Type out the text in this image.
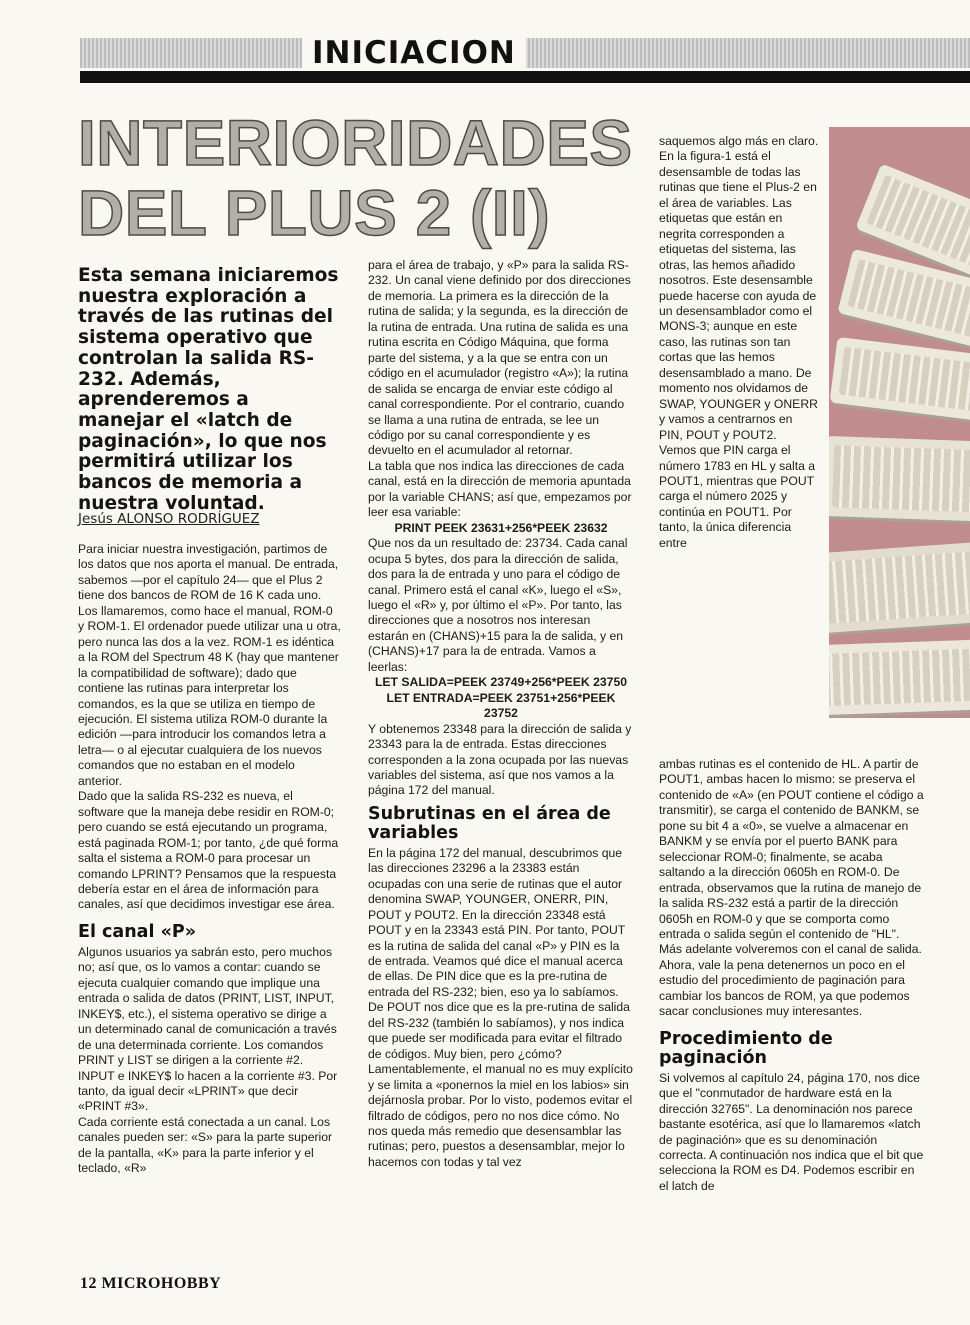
INICIACION
INTERIORIDADES
DEL PLUS 2 (II)

Esta semana iniciaremos nuestra exploración a través de las rutinas del sistema operativo que controlan la salida RS-232. Además, aprenderemos a manejar el «latch de paginación», lo que nos permitirá utilizar los bancos de memoria a nuestra voluntad.

Jesús ALONSO RODRÍGUEZ

Para iniciar nuestra investigación, partimos de los datos que nos aporta el manual. De entrada, sabemos —por el capítulo 24— que el Plus 2 tiene dos bancos de ROM de 16 K cada uno. Los llamaremos, como hace el manual, ROM-0 y ROM-1. El ordenador puede utilizar una u otra, pero nunca las dos a la vez. ROM-1 es idéntica a la ROM del Spectrum 48 K (hay que mantener la compatibilidad de software); dado que contiene las rutinas para interpretar los comandos, es la que se utiliza en tiempo de ejecución. El sistema utiliza ROM-0 durante la edición —para introducir los comandos letra a letra— o al ejecutar cualquiera de los nuevos comandos que no estaban en el modelo anterior.

Dado que la salida RS-232 es nueva, el software que la maneja debe residir en ROM-0; pero cuando se está ejecutando un programa, está paginada ROM-1; por tanto, ¿de qué forma salta el sistema a ROM-0 para procesar un comando LPRINT? Pensamos que la respuesta debería estar en el área de información para canales, así que decidimos investigar ese área.

El canal «P»

Algunos usuarios ya sabrán esto, pero muchos no; así que, os lo vamos a contar: cuando se ejecuta cualquier comando que implique una entrada o salida de datos (PRINT, LIST, INPUT, INKEY$, etc.), el sistema operativo se dirige a un determinado canal de comunicación a través de una determinada corriente. Los comandos PRINT y LIST se dirigen a la corriente #2. INPUT e INKEY$ lo hacen a la corriente #3. Por tanto, da igual decir «LPRINT» que decir «PRINT #3».

Cada corriente está conectada a un canal. Los canales pueden ser: «S» para la parte superior de la pantalla, «K» para la parte inferior y el teclado, «R»

para el área de trabajo, y «P» para la salida RS-232. Un canal viene definido por dos direcciones de memoria. La primera es la dirección de la rutina de salida; y la segunda, es la dirección de la rutina de entrada. Una rutina de salida es una rutina escrita en Código Máquina, que forma parte del sistema, y a la que se entra con un código en el acumulador (registro «A»); la rutina de salida se encarga de enviar este código al canal correspondiente. Por el contrario, cuando se llama a una rutina de entrada, se lee un código por su canal correspondiente y es devuelto en el acumulador al retornar.

La tabla que nos indica las direcciones de cada canal, está en la dirección de memoria apuntada por la variable CHANS; así que, empezamos por leer esa variable:

PRINT PEEK 23631+256*PEEK 23632

Que nos da un resultado de: 23734. Cada canal ocupa 5 bytes, dos para la dirección de salida, dos para la de entrada y uno para el código de canal. Primero está el canal «K», luego el «S», luego el «R» y, por último el «P». Por tanto, las direcciones que a nosotros nos interesan estarán en (CHANS)+15 para la de salida, y en (CHANS)+17 para la de entrada. Vamos a leerlas:

LET SALIDA=PEEK 23749+256*PEEK 23750
LET ENTRADA=PEEK 23751+256*PEEK 23752

Y obtenemos 23348 para la dirección de salida y 23343 para la de entrada. Estas direcciones corresponden a la zona ocupada por las nuevas variables del sistema, así que nos vamos a la página 172 del manual.

Subrutinas en el área de variables

En la página 172 del manual, descubrimos que las direcciones 23296 a la 23383 están ocupadas con una serie de rutinas que el autor denomina SWAP, YOUNGER, ONERR, PIN, POUT y POUT2. En la dirección 23348 está POUT y en la 23343 está PIN. Por tanto, POUT es la rutina de salida del canal «P» y PIN es la de entrada. Veamos qué dice el manual acerca de ellas. De PIN dice que es la pre-rutina de entrada del RS-232; bien, eso ya lo sabíamos. De POUT nos dice que es la pre-rutina de salida del RS-232 (también lo sabíamos), y nos indica que puede ser modificada para evitar el filtrado de códigos. Muy bien, pero ¿cómo? Lamentablemente, el manual no es muy explícito y se limita a «ponernos la miel en los labios» sin dejárnosla probar. Por lo visto, podemos evitar el filtrado de códigos, pero no nos dice cómo. No nos queda más remedio que desensamblar las rutinas; pero, puestos a desensamblar, mejor lo hacemos con todas y tal vez

saquemos algo más en claro.

En la figura-1 está el desensamble de todas las rutinas que tiene el Plus-2 en el área de variables. Las etiquetas que están en negrita corresponden a etiquetas del sistema, las otras, las hemos añadido nosotros. Este desensamble puede hacerse con ayuda de un desensamblador como el MONS-3; aunque en este caso, las rutinas son tan cortas que las hemos desensamblado a mano. De momento nos olvidamos de SWAP, YOUNGER y ONERR y vamos a centrarnos en PIN, POUT y POUT2.

Vemos que PIN carga el número 1783 en HL y salta a POUT1, mientras que POUT carga el número 2025 y continúa en POUT1. Por tanto, la única diferencia entre

ambas rutinas es el contenido de HL. A partir de POUT1, ambas hacen lo mismo: se preserva el contenido de «A» (en POUT contiene el código a transmitir), se carga el contenido de BANKM, se pone su bit 4 a «0», se vuelve a almacenar en BANKM y se envía por el puerto BANK para seleccionar ROM-0; finalmente, se acaba saltando a la dirección 0605h en ROM-0. De entrada, observamos que la rutina de manejo de la salida RS-232 está a partir de la dirección 0605h en ROM-0 y que se comporta como entrada o salida según el contenido de "HL".

Más adelante volveremos con el canal de salida. Ahora, vale la pena detenernos un poco en el estudio del procedimiento de paginación para cambiar los bancos de ROM, ya que podemos sacar conclusiones muy interesantes.

Procedimiento de paginación

Si volvemos al capítulo 24, página 170, nos dice que el "conmutador de hardware está en la dirección 32765". La denominación nos parece bastante esotérica, así que lo llamaremos «latch de paginación» que es su denominación correcta. A continuación nos indica que el bit que selecciona la ROM es D4. Podemos escribir en el latch de

12 MICROHOBBY
